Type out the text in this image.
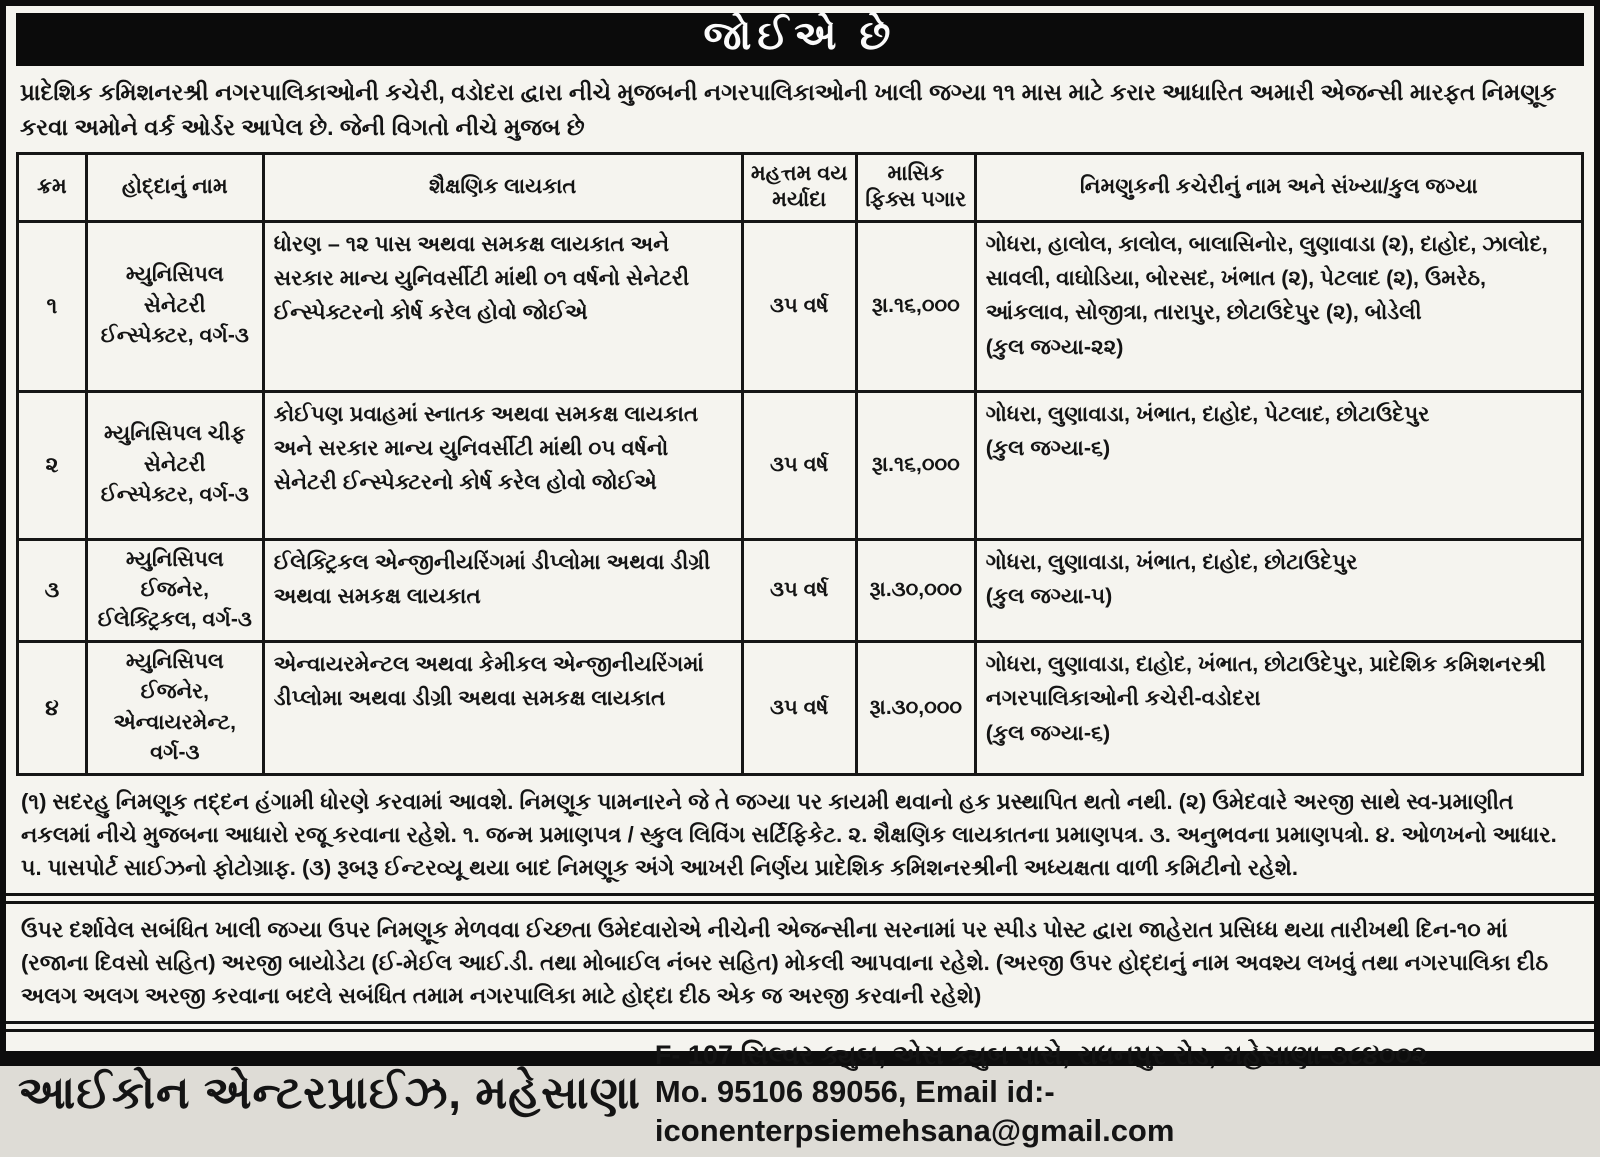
જોઈએ છે
પ્રાદેશિક કમિશનરશ્રી નગરપાલિકાઓની કચેરી, વડોદરા દ્વારા નીચે મુજબની નગરપાલિકાઓની ખાલી જગ્યા ૧૧ માસ માટે કરાર આધારિત અમારી એજન્સી મારફત નિમણૂક કરવા અમોને વર્ક ઓર્ડર આપેલ છે. જેની વિગતો નીચે મુજબ છે
ક્રમ	હોદ્દાનું નામ	શૈક્ષણિક લાયકાત	મહત્તમ વય મર્યાદા	માસિક ફિક્સ પગાર	નિમણુકની કચેરીનું નામ અને સંખ્યા/કુલ જગ્યા
૧	મ્યુનિસિપલ સેનેટરી ઈન્સ્પેક્ટર, વર્ગ-૩	ધોરણ – ૧૨ પાસ અથવા સમકક્ષ લાયકાત અને સરકાર માન્ય યુનિવર્સીટી માંથી ૦૧ વર્ષનો સેનેટરી ઈન્સ્પેક્ટરનો કોર્ષ કરેલ હોવો જોઈએ	૩૫ વર્ષ	રૂા.૧૬,૦૦૦	ગોધરા, હાલોલ, કાલોલ, બાલાસિનોર, લુણાવાડા (૨), દાહોદ, ઝાલોદ, સાવલી, વાઘોડિયા, બોરસદ, ખંભાત (૨), પેટલાદ (૨), ઉમરેઠ, આંકલાવ, સોજીત્રા, તારાપુર, છોટાઉદેપુર (૨), બોડેલી
(કુલ જગ્યા-૨૨)

૨	મ્યુનિસિપલ ચીફ સેનેટરી ઈન્સ્પેક્ટર, વર્ગ-૩	કોઈપણ પ્રવાહમાં સ્નાતક અથવા સમકક્ષ લાયકાત અને સરકાર માન્ય યુનિવર્સીટી માંથી ૦૫ વર્ષનો સેનેટરી ઈન્સ્પેક્ટરનો કોર્ષ કરેલ હોવો જોઈએ	૩૫ વર્ષ	રૂા.૧૬,૦૦૦	ગોધરા, લુણાવાડા, ખંભાત, દાહોદ, પેટલાદ, છોટાઉદેપુર
(કુલ જગ્યા-૬)

૩	મ્યુનિસિપલ ઈજનેર, ઈલેક્ટ્રિકલ, વર્ગ-૩	ઈલેક્ટ્રિકલ એન્જીનીયરિંગમાં ડીપ્લોમા અથવા ડીગ્રી અથવા સમકક્ષ લાયકાત	૩૫ વર્ષ	રૂા.૩૦,૦૦૦	ગોધરા, લુણાવાડા, ખંભાત, દાહોદ, છોટાઉદેપુર
(કુલ જગ્યા-૫)

૪	મ્યુનિસિપલ ઈજનેર, એન્વાયરમેન્ટ, વર્ગ-૩	એન્વાયરમેન્ટલ અથવા કેમીકલ એન્જીનીયરિંગમાં ડીપ્લોમા અથવા ડીગ્રી અથવા સમકક્ષ લાયકાત	૩૫ વર્ષ	રૂા.૩૦,૦૦૦	ગોધરા, લુણાવાડા, દાહોદ, ખંભાત, છોટાઉદેપુર, પ્રાદેશિક કમિશનરશ્રી નગરપાલિકાઓની કચેરી-વડોદરા
(કુલ જગ્યા-૬)
(૧) સદરહુ નિમણૂક તદ્દન હંગામી ધોરણે કરવામાં આવશે. નિમણૂક પામનારને જે તે જગ્યા પર કાયમી થવાનો હક પ્રસ્થાપિત થતો નથી. (૨) ઉમેદવારે અરજી સાથે સ્વ-પ્રમાણીત નકલમાં નીચે મુજબના આધારો રજૂ કરવાના રહેશે. ૧. જન્મ પ્રમાણપત્ર / સ્કુલ લિવિંગ સર્ટિફિકેટ. ૨. શૈક્ષણિક લાયકાતના પ્રમાણપત્ર. ૩. અનુભવના પ્રમાણપત્રો. ૪. ઓળખનો આધાર. ૫. પાસપોર્ટ સાઈઝનો ફોટોગ્રાફ. (૩) રૂબરૂ ઈન્ટરવ્યૂ થયા બાદ નિમણૂક અંગે આખરી નિર્ણય પ્રાદેશિક કમિશનરશ્રીની અધ્યક્ષતા વાળી કમિટીનો રહેશે.
ઉપર દર્શાવેલ સબંધિત ખાલી જગ્યા ઉપર નિમણૂક મેળવવા ઈચ્છતા ઉમેદવારોએ નીચેની એજન્સીના સરનામાં પર સ્પીડ પોસ્ટ દ્વારા જાહેરાત પ્રસિધ્ધ થયા તારીખથી દિન-૧૦ માં (રજાના દિવસો સહિત) અરજી બાયોડેટા (ઈ-મેઈલ આઈ.ડી. તથા મોબાઈલ નંબર સહિત) મોકલી આપવાના રહેશે. (અરજી ઉપર હોદ્દાનું નામ અવશ્ય લખવું તથા નગરપાલિકા દીઠ અલગ અલગ અરજી કરવાના બદલે સબંધિત તમામ નગરપાલિકા માટે હોદ્દા દીઠ એક જ અરજી કરવાની રહેશે)
આઈકોન એન્ટરપ્રાઈઝ, મહેસાણા
F- 107 સિલ્વર ક્યુબ, એસ ક્યુબ પાસે, રાધનપુર રોડ, મહેસાણા-૩૮૪૦૦૨
Mo. 95106 89056, Email id:- iconenterpsiemehsana@gmail.com
